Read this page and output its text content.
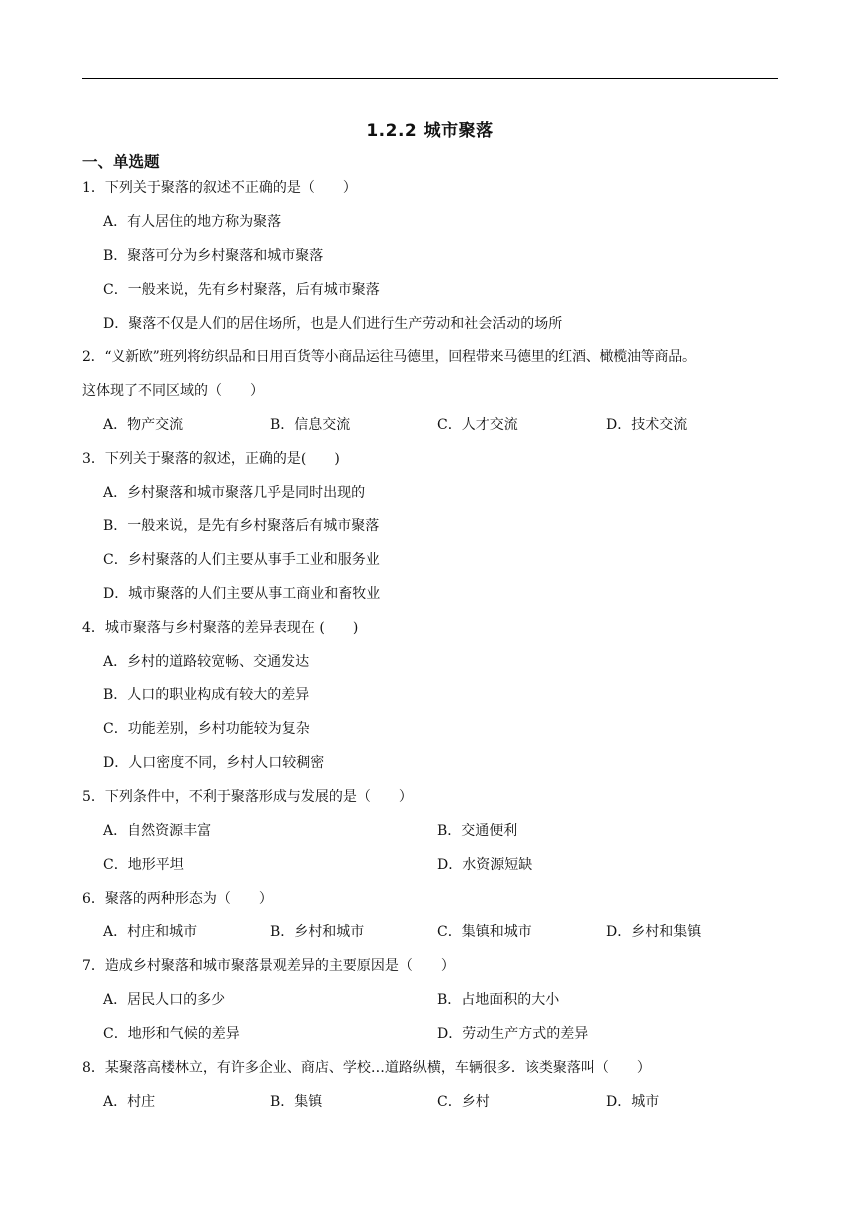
1.2.2 城市聚落
一、单选题
1．下列关于聚落的叙述不正确的是（　　）
A．有人居住的地方称为聚落
B．聚落可分为乡村聚落和城市聚落
C．一般来说，先有乡村聚落，后有城市聚落
D．聚落不仅是人们的居住场所，也是人们进行生产劳动和社会活动的场所
2．“义新欧”班列将纺织品和日用百货等小商品运往马德里，回程带来马德里的红酒、橄榄油等商品。
这体现了不同区域的（　　）
A．物产交流	B．信息交流	C．人才交流	D．技术交流
3．下列关于聚落的叙述，正确的是(　　)
A．乡村聚落和城市聚落几乎是同时出现的
B．一般来说，是先有乡村聚落后有城市聚落
C．乡村聚落的人们主要从事手工业和服务业
D．城市聚落的人们主要从事工商业和畜牧业
4．城市聚落与乡村聚落的差异表现在 (　　)
A．乡村的道路较宽畅、交通发达
B．人口的职业构成有较大的差异
C．功能差别，乡村功能较为复杂
D．人口密度不同，乡村人口较稠密
5．下列条件中，不利于聚落形成与发展的是（　　）
A．自然资源丰富	B．交通便利
C．地形平坦	D．水资源短缺
6．聚落的两种形态为（　　）
A．村庄和城市	B．乡村和城市	C．集镇和城市	D．乡村和集镇
7．造成乡村聚落和城市聚落景观差异的主要原因是（　　）
A．居民人口的多少	B．占地面积的大小
C．地形和气候的差异	D．劳动生产方式的差异
8．某聚落高楼林立，有许多企业、商店、学校…道路纵横，车辆很多．该类聚落叫（　　）
A．村庄	B．集镇	C．乡村	D．城市
